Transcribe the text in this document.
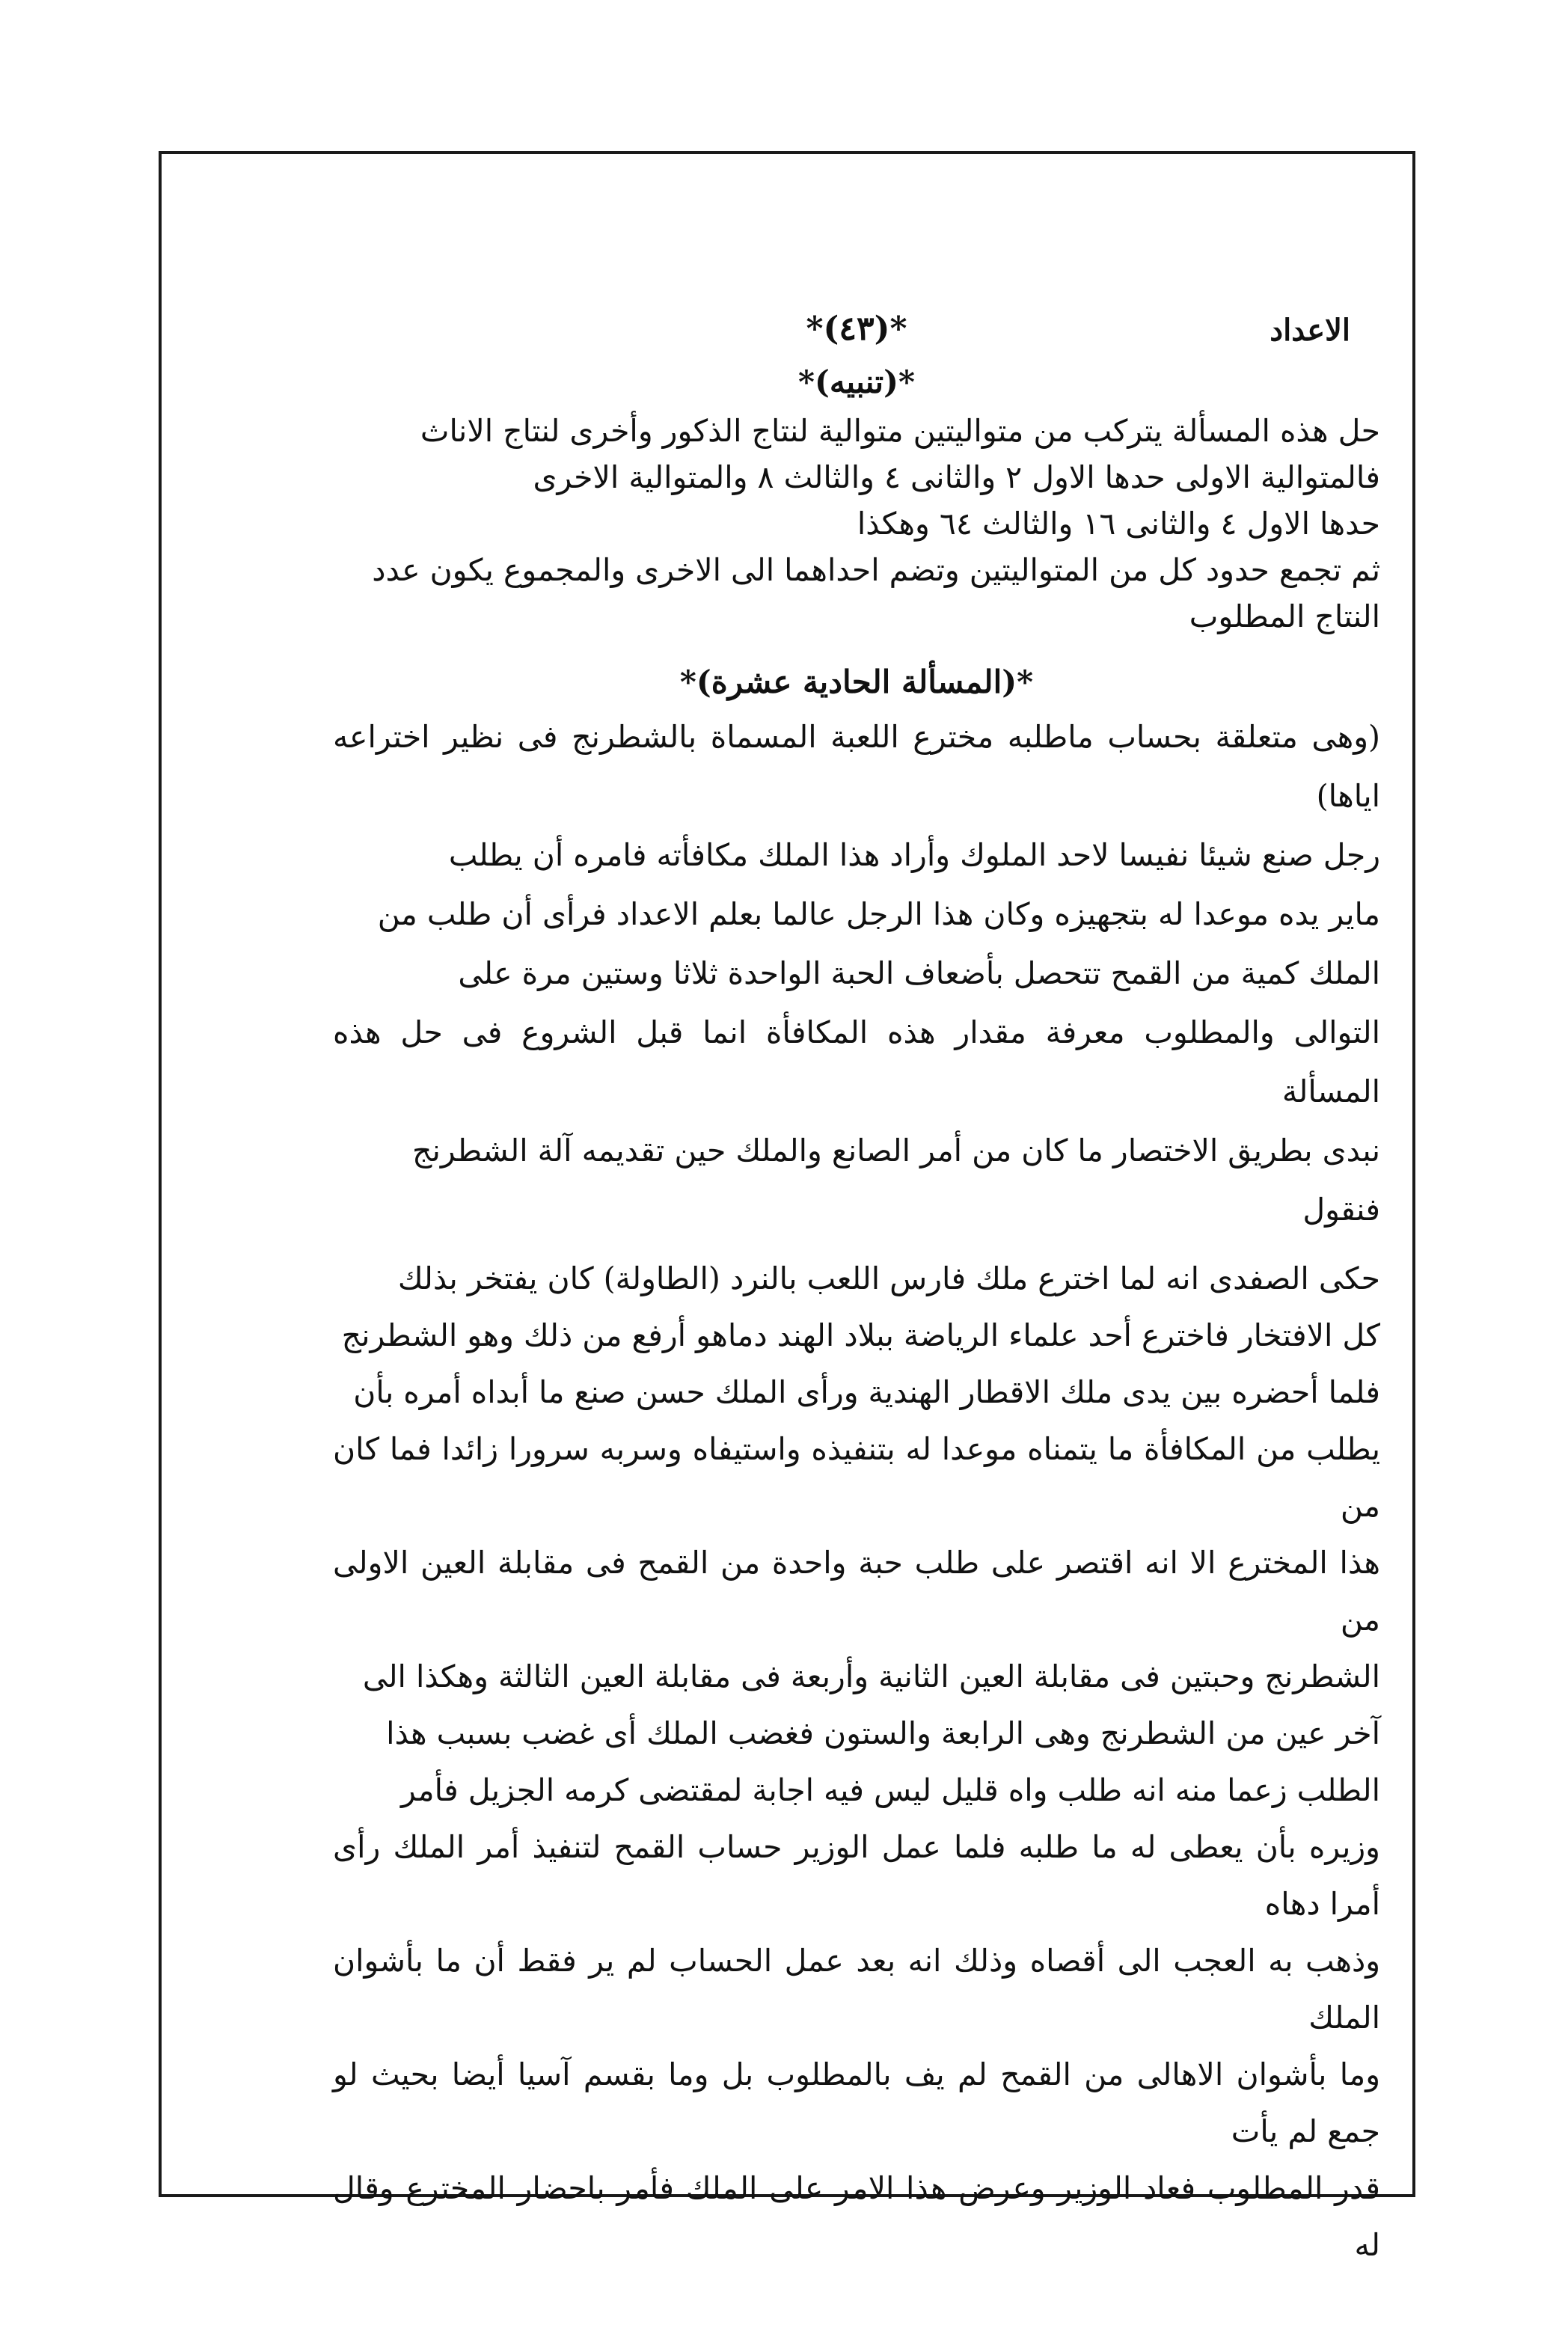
الاعداد
*(٤٣)*
*(تنبيه)*
حل هذه المسألة يتركب من متواليتين متوالية لنتاج الذكور وأخرى لنتاج الاناث
فالمتوالية الاولى حدها الاول ٢ والثانى ٤ والثالث ٨ والمتوالية الاخرى
حدها الاول ٤ والثانى ١٦ والثالث ٦٤ وهكذا
ثم تجمع حدود كل من المتواليتين وتضم احداهما الى الاخرى والمجموع يكون عدد
النتاج المطلوب
*(المسألة الحادية عشرة)*
(وهى متعلقة بحساب ماطلبه مخترع اللعبة المسماة بالشطرنج فى نظير اختراعه اياها)
رجل صنع شيئا نفيسا لاحد الملوك وأراد هذا الملك مكافأته فامره أن يطلب
ماير يده موعدا له بتجهيزه وكان هذا الرجل عالما بعلم الاعداد فرأى أن طلب من
الملك كمية من القمح تتحصل بأضعاف الحبة الواحدة ثلاثا وستين مرة على
التوالى والمطلوب معرفة مقدار هذه المكافأة انما قبل الشروع فى حل هذه المسألة
نبدى بطريق الاختصار ما كان من أمر الصانع والملك حين تقديمه آلة الشطرنج
فنقول
حكى الصفدى انه لما اخترع ملك فارس اللعب بالنرد (الطاولة) كان يفتخر بذلك
كل الافتخار فاخترع أحد علماء الرياضة ببلاد الهند دماهو أرفع من ذلك وهو الشطرنج
فلما أحضره بين يدى ملك الاقطار الهندية ورأى الملك حسن صنع ما أبداه أمره بأن
يطلب من المكافأة ما يتمناه موعدا له بتنفيذه واستيفاه وسربه سرورا زائدا فما كان من
هذا المخترع الا انه اقتصر على طلب حبة واحدة من القمح فى مقابلة العين الاولى من
الشطرنج وحبتين فى مقابلة العين الثانية وأربعة فى مقابلة العين الثالثة وهكذا الى
آخر عين من الشطرنج وهى الرابعة والستون فغضب الملك أى غضب بسبب هذا
الطلب زعما منه انه طلب واه قليل ليس فيه اجابة لمقتضى كرمه الجزيل فأمر
وزيره بأن يعطى له ما طلبه فلما عمل الوزير حساب القمح لتنفيذ أمر الملك رأى أمرا دهاه
وذهب به العجب الى أقصاه وذلك انه بعد عمل الحساب لم ير فقط أن ما بأشوان الملك
وما بأشوان الاهالى من القمح لم يف بالمطلوب بل وما بقسم آسيا أيضا بحيث لو جمع لم يأت
قدر المطلوب فعاد الوزير وعرض هذا الامر على الملك فأمر باحضار المخترع وقال له
